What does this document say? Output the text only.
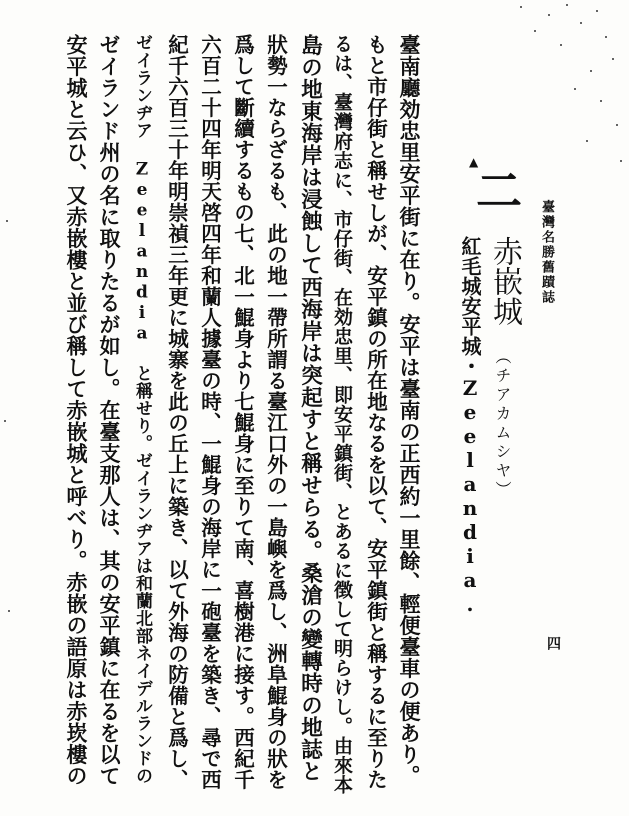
臺灣名勝舊蹟誌
二
▲
赤嵌城
（チアカムシヤ）
紅毛城安平城・Zeelandia.
四
臺南廳効忠里安平街に在り。安平は臺南の正西約一里餘、輕便臺車の便あり。
もと市仔街と稱せしが、安平鎮の所在地なるを以て、安平鎮街と稱するに至りた
るは、臺灣府志に、市仔街、在効忠里、即安平鎮街、とあるに徴して明らけし。由來本
島の地東海岸は浸蝕して西海岸は突起すと稱せらる。桑滄の變轉時の地誌と
狀勢一ならざるも、此の地一帶所謂る臺江口外の一島嶼を爲し、洲阜鯤身の狀を
爲して斷續するもの七、北一鯤身より七鯤身に至りて南、喜樹港に接す。西紀千
六百二十四年明天啓四年和蘭人據臺の時、一鯤身の海岸に一砲臺を築き、尋で西
紀千六百三十年明崇禎三年更に城寨を此の丘上に築き、以て外海の防備と爲し、
ゼイランヂア Zeelandia と稱せり。ゼイランヂアは和蘭北部ネイデルランドの
ゼイランド州の名に取りたるが如し。在臺支那人は、其の安平鎮に在るを以て
安平城と云ひ、又赤嵌樓と並び稱して赤嵌城と呼べり。赤嵌の語原は赤崁樓の
